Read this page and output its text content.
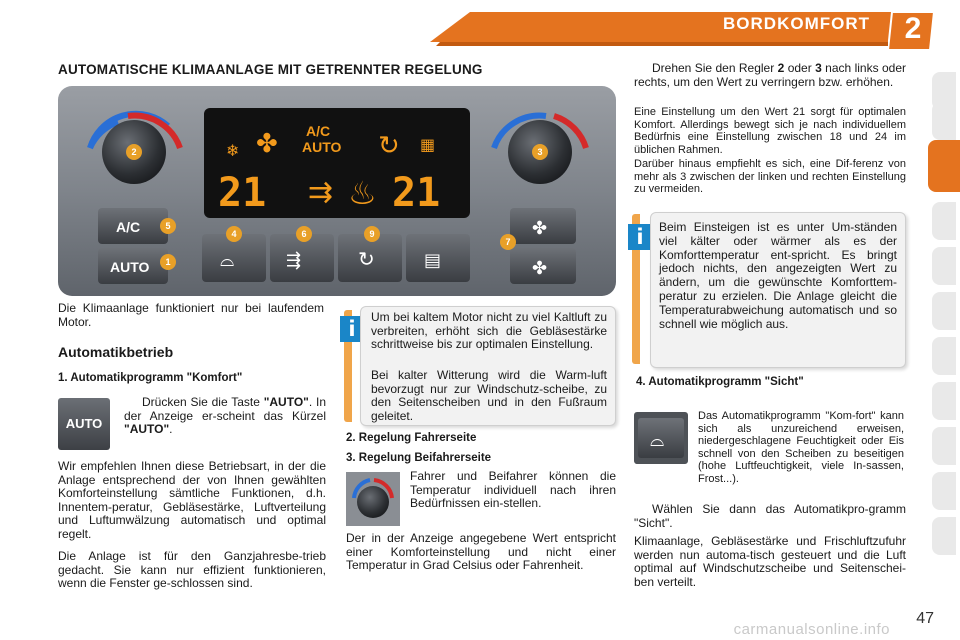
BORDKOMFORT	2
AUTOMATISCHE KLIMAANLAGE MIT GETRENNTER REGELUNG
❄ ✤ A/C
AUTO ↻ ▦
21 ⇉ ♨ 21
A/C
AUTO	⌓	⇶	↻	▤
✤
✤
2	3
5
1
4	6	9
7

Die Klimaanlage funktioniert nur bei laufendem Motor.

Automatikbetrieb
1. Automatikprogramm "Komfort"
AUTO

Drücken Sie die Taste "AUTO". In der Anzeige er-scheint das Kürzel "AUTO".

Wir empfehlen Ihnen diese Betriebsart, in der die Anlage entsprechend der von Ihnen gewählten Komforteinstellung sämtliche Funktionen, d.h. Innentem-peratur, Gebläsestärke, Luftverteilung und Luftumwälzung automatisch und optimal regelt.

Die Anlage ist für den Ganzjahresbe-trieb gedacht. Sie kann nur effizient funktionieren, wenn die Fenster ge-schlossen sind.

i	Um bei kaltem Motor nicht zu viel Kaltluft zu verbreiten, erhöht sich die Gebläsestärke schrittweise bis zur optimalen Einstellung.

Bei kalter Witterung wird die Warm-luft bevorzugt nur zur Windschutz-scheibe, zu den Seitenscheiben und in den Fußraum geleitet.

2. Regelung Fahrerseite
3. Regelung Beifahrerseite

Fahrer und Beifahrer können die Temperatur individuell nach ihren Bedürfnissen ein-stellen.

Der in der Anzeige angegebene Wert entspricht einer Komforteinstellung und nicht einer Temperatur in Grad Celsius oder Fahrenheit.

Drehen Sie den Regler 2 oder 3 nach links oder rechts, um den Wert zu verringern bzw. erhöhen.

Eine Einstellung um den Wert 21 sorgt für optimalen Komfort. Allerdings bewegt sich je nach individuellem Bedürfnis eine Einstellung zwischen 18 und 24 im üblichen Rahmen.

Darüber hinaus empfiehlt es sich, eine Dif-ferenz von mehr als 3 zwischen der linken und rechten Einstellung zu vermeiden.

i	Beim Einsteigen ist es unter Um-ständen viel kälter oder wärmer als es der Komforttemperatur ent-spricht. Es bringt jedoch nichts, den angezeigten Wert zu ändern, um die gewünschte Komforttem-peratur zu erzielen. Die Anlage gleicht die Temperaturabweichung automatisch und so schnell wie möglich aus.

4. Automatikprogramm "Sicht"
⌓

Das Automatikprogramm "Kom-fort" kann sich als unzureichend erweisen, niedergeschlagene Feuchtigkeit oder Eis schnell von den Scheiben zu beseitigen (hohe Luftfeuchtigkeit, viele In-sassen, Frost...).

Wählen Sie dann das Automatikpro-gramm "Sicht".

Klimaanlage, Gebläsestärke und Frischluftzufuhr werden nun automa-tisch gesteuert und die Luft optimal auf Windschutzscheibe und Seitenschei-ben verteilt.

carmanualsonline.info
47
